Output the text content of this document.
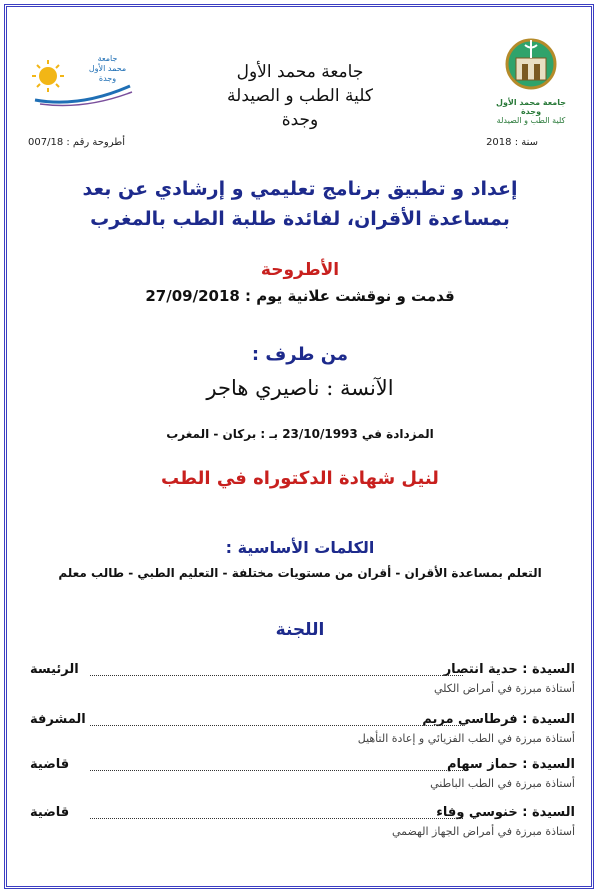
جامعة محمد الأول وجدة
كلية الطب و الصيدلة
جامعة
محمد الأول
وجدة	جامعة محمد الأول
كلية الطب و الصيدلة
وجدة
سنة : 2018
أطروحة رقم : 007/18
إعداد و تطبيق برنامج تعليمي و إرشادي عن بعد
بمساعدة الأقران، لفائدة طلبة الطب بالمغرب
الأطروحة
قدمت و نوقشت علانية يوم : 27/09/2018
من طرف :
الآنسة : ناصيري هاجر
المزدادة في 23/10/1993 بـ : بركان - المغرب
لنيل شهادة الدكتوراه في الطب
الكلمات الأساسية :
التعلم بمساعدة الأقران - أقران من مستويات مختلفة - التعليم الطبي - طالب معلم
اللجنة
السيدة : حدية انتصار
الرئيسة
أستاذة مبرزة في أمراض الكلي
السيدة : فرطاسي مريم
المشرفة
أستاذة مبرزة في الطب الفزيائي و إعادة التأهيل
السيدة : حماز سهام
قاضية
أستاذة مبرزة في الطب الباطني
السيدة : خنوسي وفاء
قاضية
أستاذة مبرزة في أمراض الجهاز الهضمي
